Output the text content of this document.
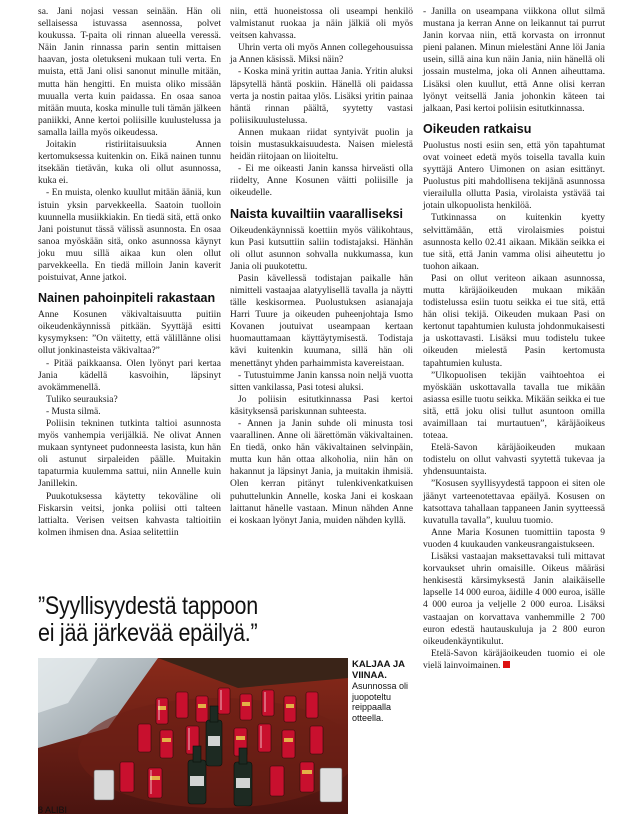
sa. Jani nojasi vessan seinään. Hän oli sellaisessa istuvassa asennossa, polvet koukussa. T-paita oli rinnan alueella veressä. Näin Janin rinnassa parin sentin mittaisen haavan, josta oletukseni mukaan tuli verta. En muista, että Jani olisi sanonut minulle mitään, mutta hän hengitti. En muista oliko missään muualla verta kuin paidassa. En osaa sanoa mitään muuta, koska minulle tuli tämän jälkeen paniikki, Anne kertoi poliisille kuulustelussa ja samalla lailla myös oikeudessa.

Joitakin ristiriitaisuuksia Annen kertomuksessa kuitenkin on. Eikä nainen tunnu itsekään tietävän, kuka oli ollut asunnossa, kuka ei.

- En muista, olenko kuullut mitään ääniä, kun istuin yksin parvekkeella. Saatoin tuolloin kuunnella musiikkiakin. En tiedä sitä, että onko Jani poistunut tässä välissä asunnosta. En osaa sanoa myöskään sitä, onko asunnossa käynyt joku muu sillä aikaa kun olen ollut parvekkeella. En tiedä milloin Janin kaverit poistuivat, Anne jatkoi.

Nainen pahoinpiteli rakastaan

Anne Kosunen väkivaltaisuutta puitiin oikeudenkäynnissä pitkään. Syyttäjä esitti kysymyksen: ”On väitetty, että välillänne olisi ollut jonkinasteista väkivaltaa?”

- Pitää paikkaansa. Olen lyönyt pari kertaa Jania kädellä kasvoihin, läpsinyt avokämmenellä.

Tuliko seurauksia?

- Musta silmä.

Poliisin tekninen tutkinta taltioi asunnosta myös vanhempia verijälkiä. Ne olivat Annen mukaan syntyneet pudonneesta lasista, kun hän oli astunut sirpaleiden päälle. Muitakin tapaturmia kuulemma sattui, niin Annelle kuin Janillekin.

Puukotuksessa käytetty tekoväline oli Fiskarsin veitsi, jonka poliisi otti talteen lattialta. Verisen veitsen kahvasta taltioitiin kolmen ihmisen dna. Asiaa selitettiin

niin, että huoneistossa oli useampi henkilö valmistanut ruokaa ja näin jälkiä oli myös veitsen kahvassa.

Uhrin verta oli myös Annen collegehousuissa ja Annen käsissä. Miksi näin?

- Koska minä yritin auttaa Jania. Yritin aluksi läpsytellä häntä poskiin. Hänellä oli paidassa verta ja nostin paitaa ylös. Lisäksi yritin painaa häntä rinnan päältä, syytetty vastasi poliisikuulustelussa.

Annen mukaan riidat syntyivät puolin ja toisin mustasukkaisuudesta. Naisen mielestä heidän riitojaan on liioiteltu.

- Ei me oikeasti Janin kanssa hirveästi olla riidelty, Anne Kosunen väitti poliisille ja oikeudelle.

Naista kuvailtiin vaaralliseksi

Oikeudenkäynnissä koettiin myös välikohtaus, kun Pasi kutsuttiin saliin todistajaksi. Hänhän oli ollut asunnon sohvalla nukkumassa, kun Jania oli puukotettu.

Pasin kävellessä todistajan paikalle hän nimitteli vastaajaa alatyylisellä tavalla ja näytti tälle keskisormea. Puolustuksen asianajaja Harri Tuure ja oikeuden puheenjohtaja Ismo Kovanen joutuivat useampaan kertaan huomauttamaan käyttäytymisestä. Todistaja kävi kuitenkin kuumana, sillä hän oli menettänyt yhden parhaimmista kavereistaan.

- Tutustuimme Janin kanssa noin neljä vuotta sitten vankilassa, Pasi totesi aluksi.

Jo poliisin esitutkinnassa Pasi kertoi käsityksensä pariskunnan suhteesta.

- Annen ja Janin suhde oli minusta tosi vaarallinen. Anne oli äärettömän väkivaltainen. En tiedä, onko hän väkivaltainen selvinpäin, mutta kun hän ottaa alkoholia, niin hän on hakannut ja läpsinyt Jania, ja muitakin ihmisiä. Olen kerran pitänyt tulenkivenkatkuisen puhuttelunkin Annelle, koska Jani ei koskaan laittanut hänelle vastaan. Minun nähden Anne ei koskaan lyönyt Jania, muiden nähden kyllä.

- Janilla on useampana viikkona ollut silmä mustana ja kerran Anne on leikannut tai purrut Janin korvaa niin, että korvasta on irronnut pieni palanen. Minun mielestäni Anne löi Jania usein, sillä aina kun näin Jania, niin hänellä oli jossain mustelma, joka oli Annen aiheuttama. Lisäksi olen kuullut, että Anne olisi kerran lyönyt veitsellä Jania johonkin käteen tai jalkaan, Pasi kertoi poliisin esitutkinnassa.

Oikeuden ratkaisu

Puolustus nosti esiin sen, että yön tapahtumat ovat voineet edetä myös toisella tavalla kuin syyttäjä Antero Uimonen on asian esittänyt. Puolustus piti mahdollisena tekijänä asunnossa vierailulla ollutta Pasia, virolaista ystävää tai jotain ulkopuolista henkilöä.

Tutkinnassa on kuitenkin kyetty selvittämään, että virolaismies poistui asunnosta kello 02.41 aikaan. Mikään seikka ei tue sitä, että Janin vamma olisi aiheutettu jo tuohon aikaan.

Pasi on ollut veriteon aikaan asunnossa, mutta käräjäoikeuden mukaan mikään todistelussa esiin tuotu seikka ei tue sitä, että hän olisi tekijä. Oikeuden mukaan Pasi on kertonut tapahtumien kulusta johdonmukaisesti ja uskottavasti. Lisäksi muu todistelu tukee oikeuden mielestä Pasin kertomusta tapahtumien kulusta.

”Ulkopuolisen tekijän vaihtoehtoa ei myöskään uskottavalla tavalla tue mikään asiassa esille tuotu seikka. Mikään seikka ei tue sitä, että joku olisi tullut asuntoon omilla avaimillaan tai murtautuen”, käräjäoikeus toteaa.

Etelä-Savon käräjäoikeuden mukaan todistelu on ollut vahvasti syytettä tukevaa ja yhdensuuntaista.

”Kosusen syyllisyydestä tappoon ei siten ole jäänyt varteenotettavaa epäilyä. Kosusen on katsottava tahallaan tappaneen Janin syytteessä kuvatulla tavalla”, kuuluu tuomio.

Anne Maria Kosunen tuomittiin taposta 9 vuoden 4 kuukauden vankeusrangaistukseen.

Lisäksi vastaajan maksettavaksi tuli mittavat korvaukset uhrin omaisille. Oikeus määräsi henkisestä kärsimyksestä Janin alaikäiselle lapselle 14 000 euroa, äidille 4 000 euroa, isälle 4 000 euroa ja veljelle 2 000 euroa. Lisäksi vastaajan on korvattava vanhemmille 2 700 euron edestä hautauskuluja ja 2 800 euron oikeudenkäyntikulut.

Etelä-Savon käräjäoikeuden tuomio ei ole vielä lainvoimainen.

”Syyllisyydestä tappoon
ei jää järkevää epäilyä.”
KALJAA JA
VIINAA.
Asunnossa oli juopoteltu reippaalla otteella.
8 ALIBI
